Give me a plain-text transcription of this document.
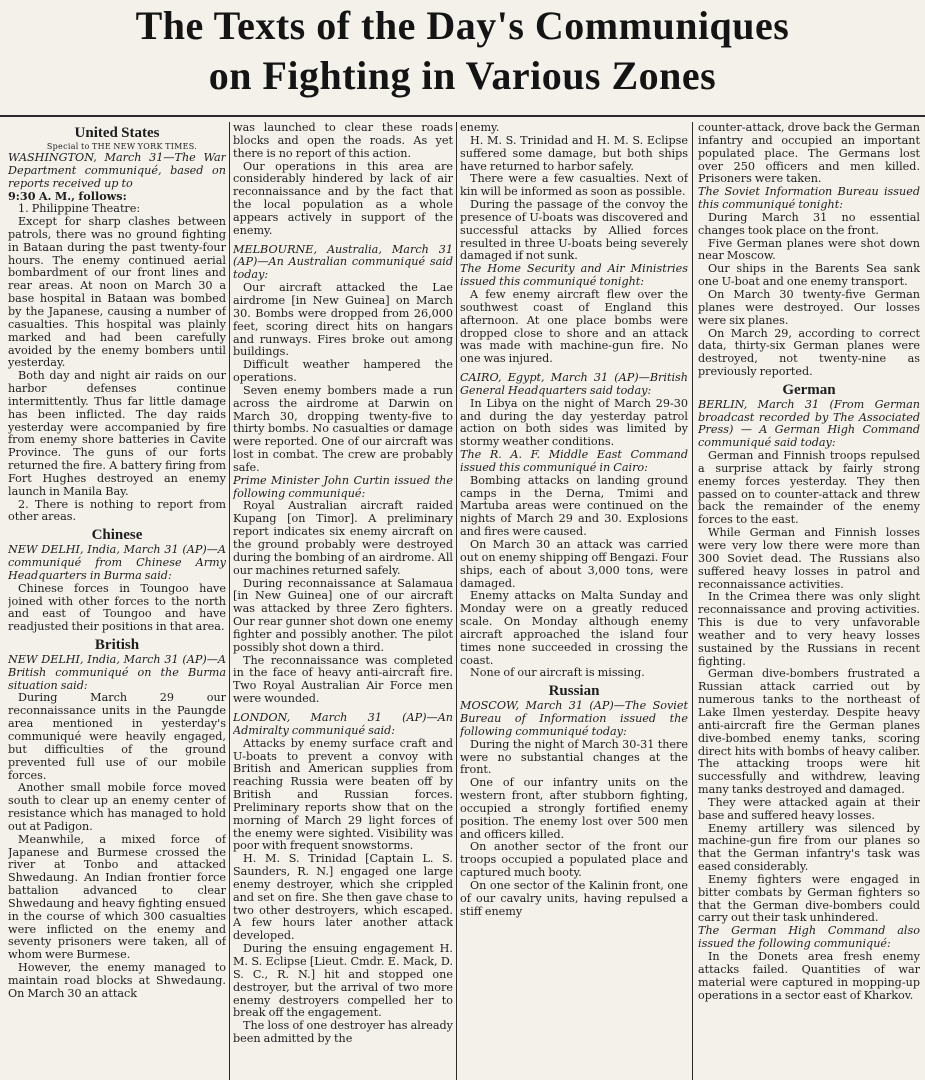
The Texts of the Day's Communiques
on Fighting in Various Zones
United States

Special to THE NEW YORK TIMES.

WASHINGTON, March 31—The War Department communiqué, based on reports received up to

9:30 A. M., follows:

1. Philippine Theatre:

Except for sharp clashes between patrols, there was no ground fighting in Bataan during the past twenty-four hours. The enemy continued aerial bombardment of our front lines and rear areas. At noon on March 30 a base hospital in Bataan was bombed by the Japanese, causing a number of casualties. This hospital was plainly marked and had been carefully avoided by the enemy bombers until yesterday.

Both day and night air raids on our harbor defenses continue intermittently. Thus far little damage has been inflicted. The day raids yesterday were accompanied by fire from enemy shore batteries in Cavite Province. The guns of our forts returned the fire. A battery firing from Fort Hughes destroyed an enemy launch in Manila Bay.

2. There is nothing to report from other areas.

Chinese

NEW DELHI, India, March 31 (AP)—A communiqué from Chinese Army Headquarters in Burma said:

Chinese forces in Toungoo have joined with other forces to the north and east of Toungoo and have readjusted their positions in that area.

British

NEW DELHI, India, March 31 (AP)—A British communiqué on the Burma situation said:

During March 29 our reconnaissance units in the Paungde area mentioned in yesterday's communiqué were heavily engaged, but difficulties of the ground prevented full use of our mobile forces.

Another small mobile force moved south to clear up an enemy center of resistance which has managed to hold out at Padigon.

Meanwhile, a mixed force of Japanese and Burmese crossed the river at Tonbo and attacked Shwedaung. An Indian frontier force battalion advanced to clear Shwedaung and heavy fighting ensued in the course of which 300 casualties were inflicted on the enemy and seventy prisoners were taken, all of whom were Burmese.

However, the enemy managed to maintain road blocks at Shwedaung. On March 30 an attack

was launched to clear these roads blocks and open the roads. As yet there is no report of this action.

Our operations in this area are considerably hindered by lack of air reconnaissance and by the fact that the local population as a whole appears actively in support of the enemy.

MELBOURNE, Australia, March 31 (AP)—An Australian communiqué said today:

Our aircraft attacked the Lae airdrome [in New Guinea] on March 30. Bombs were dropped from 26,000 feet, scoring direct hits on hangars and runways. Fires broke out among buildings.

Difficult weather hampered the operations.

Seven enemy bombers made a run across the airdrome at Darwin on March 30, dropping twenty-five to thirty bombs. No casualties or damage were reported. One of our aircraft was lost in combat. The crew are probably safe.

Prime Minister John Curtin issued the following communiqué:

Royal Australian aircraft raided Kupang [on Timor]. A preliminary report indicates six enemy aircraft on the ground probably were destroyed during the bombing of an airdrome. All our machines returned safely.

During reconnaissance at Salamaua [in New Guinea] one of our aircraft was attacked by three Zero fighters. Our rear gunner shot down one enemy fighter and possibly another. The pilot possibly shot down a third.

The reconnaissance was completed in the face of heavy anti-aircraft fire. Two Royal Australian Air Force men were wounded.

LONDON, March 31 (AP)—An Admiralty communiqué said:

Attacks by enemy surface craft and U-boats to prevent a convoy with British and American supplies from reaching Russia were beaten off by British and Russian forces. Preliminary reports show that on the morning of March 29 light forces of the enemy were sighted. Visibility was poor with frequent snowstorms.

H. M. S. Trinidad [Captain L. S. Saunders, R. N.] engaged one large enemy destroyer, which she crippled and set on fire. She then gave chase to two other destroyers, which escaped. A few hours later another attack developed.

During the ensuing engagement H. M. S. Eclipse [Lieut. Cmdr. E. Mack, D. S. C., R. N.] hit and stopped one destroyer, but the arrival of two more enemy destroyers compelled her to break off the engagement.

The loss of one destroyer has already been admitted by the

enemy.

H. M. S. Trinidad and H. M. S. Eclipse suffered some damage, but both ships have returned to harbor safely.

There were a few casualties. Next of kin will be informed as soon as possible.

During the passage of the convoy the presence of U-boats was discovered and successful attacks by Allied forces resulted in three U-boats being severely damaged if not sunk.

The Home Security and Air Ministries issued this communiqué tonight:

A few enemy aircraft flew over the southwest coast of England this afternoon. At one place bombs were dropped close to shore and an attack was made with machine-gun fire. No one was injured.

CAIRO, Egypt, March 31 (AP)—British General Headquarters said today:

In Libya on the night of March 29-30 and during the day yesterday patrol action on both sides was limited by stormy weather conditions.

The R. A. F. Middle East Command issued this communiqué in Cairo:

Bombing attacks on landing ground camps in the Derna, Tmimi and Martuba areas were continued on the nights of March 29 and 30. Explosions and fires were caused.

On March 30 an attack was carried out on enemy shipping off Bengazi. Four ships, each of about 3,000 tons, were damaged.

Enemy attacks on Malta Sunday and Monday were on a greatly reduced scale. On Monday although enemy aircraft approached the island four times none succeeded in crossing the coast.

None of our aircraft is missing.

Russian

MOSCOW, March 31 (AP)—The Soviet Bureau of Information issued the following communiqué today:

During the night of March 30-31 there were no substantial changes at the front.

One of our infantry units on the western front, after stubborn fighting, occupied a strongly fortified enemy position. The enemy lost over 500 men and officers killed.

On another sector of the front our troops occupied a populated place and captured much booty.

On one sector of the Kalinin front, one of our cavalry units, having repulsed a stiff enemy

counter-attack, drove back the German infantry and occupied an important populated place. The Germans lost over 250 officers and men killed. Prisoners were taken.

The Soviet Information Bureau issued this communiqué tonight:

During March 31 no essential changes took place on the front.

Five German planes were shot down near Moscow.

Our ships in the Barents Sea sank one U-boat and one enemy transport.

On March 30 twenty-five German planes were destroyed. Our losses were six planes.

On March 29, according to correct data, thirty-six German planes were destroyed, not twenty-nine as previously reported.

German

BERLIN, March 31 (From German broadcast recorded by The Associated Press) — A German High Command communiqué said today:

German and Finnish troops repulsed a surprise attack by fairly strong enemy forces yesterday. They then passed on to counter-attack and threw back the remainder of the enemy forces to the east.

While German and Finnish losses were very low there were more than 300 Soviet dead. The Russians also suffered heavy losses in patrol and reconnaissance activities.

In the Crimea there was only slight reconnaissance and proving activities. This is due to very unfavorable weather and to very heavy losses sustained by the Russians in recent fighting.

German dive-bombers frustrated a Russian attack carried out by numerous tanks to the northeast of Lake Ilmen yesterday. Despite heavy anti-aircraft fire the German planes dive-bombed enemy tanks, scoring direct hits with bombs of heavy caliber. The attacking troops were hit successfully and withdrew, leaving many tanks destroyed and damaged.

They were attacked again at their base and suffered heavy losses.

Enemy artillery was silenced by machine-gun fire from our planes so that the German infantry's task was eased considerably.

Enemy fighters were engaged in bitter combats by German fighters so that the German dive-bombers could carry out their task unhindered.

The German High Command also issued the following communiqué:

In the Donets area fresh enemy attacks failed. Quantities of war material were captured in mopping-up operations in a sector east of Kharkov.
